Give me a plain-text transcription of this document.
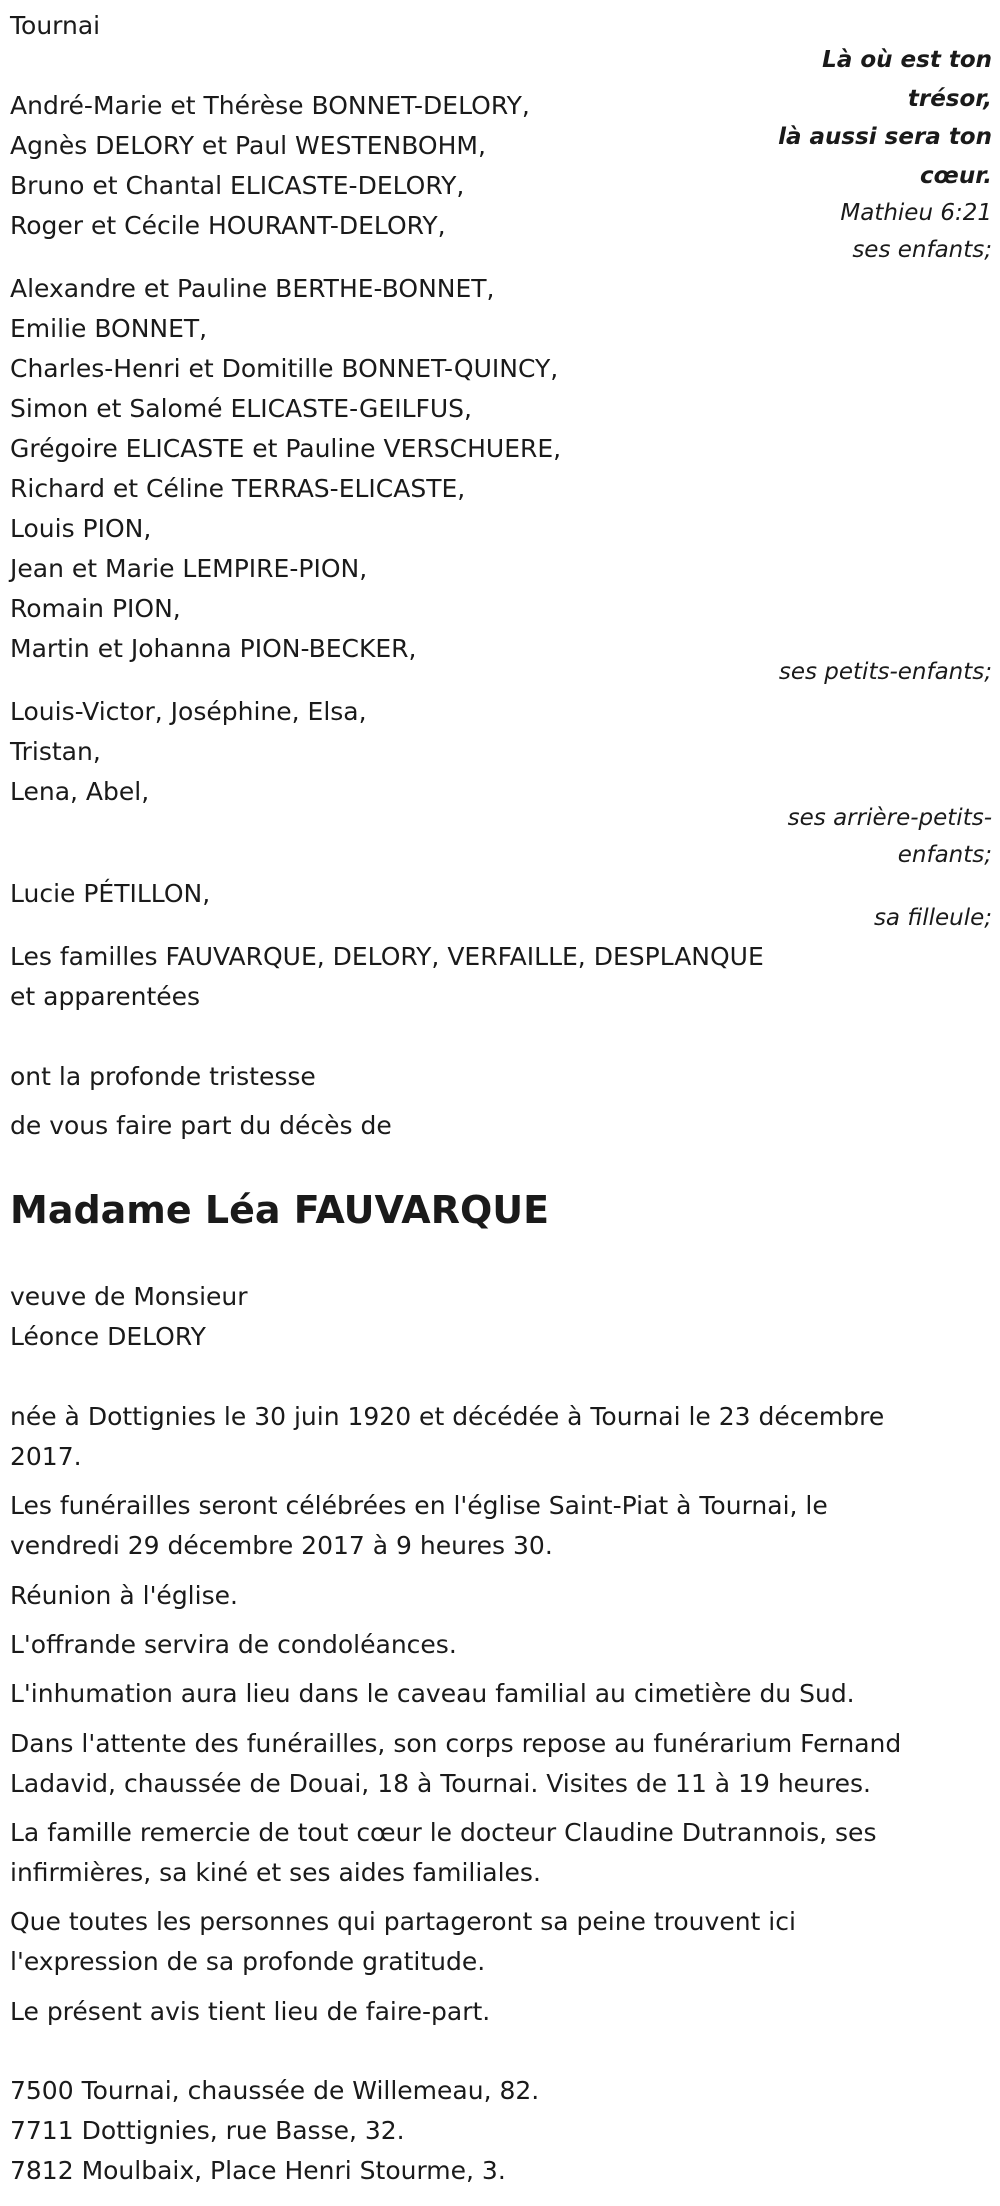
Tournai
Là où est ton
trésor,
là aussi sera ton
cœur.
Mathieu 6:21
André-Marie et Thérèse BONNET-DELORY,
Agnès DELORY et Paul WESTENBOHM,
Bruno et Chantal ELICASTE-DELORY,
Roger et Cécile HOURANT-DELORY,
ses enfants;
Alexandre et Pauline BERTHE-BONNET,
Emilie BONNET,
Charles-Henri et Domitille BONNET-QUINCY,
Simon et Salomé ELICASTE-GEILFUS,
Grégoire ELICASTE et Pauline VERSCHUERE,
Richard et Céline TERRAS-ELICASTE,
Louis PION,
Jean et Marie LEMPIRE-PION,
Romain PION,
Martin et Johanna PION-BECKER,
ses petits-enfants;
Louis-Victor, Joséphine, Elsa,
Tristan,
Lena, Abel,
ses arrière-petits-
enfants;
Lucie PÉTILLON,
sa filleule;
Les familles FAUVARQUE, DELORY, VERFAILLE, DESPLANQUE
et apparentées
ont la profonde tristesse
de vous faire part du décès de
Madame Léa FAUVARQUE
veuve de Monsieur
Léonce DELORY
née à Dottignies le 30 juin 1920 et décédée à Tournai le 23 décembre
2017.
Les funérailles seront célébrées en l'église Saint-Piat à Tournai, le
vendredi 29 décembre 2017 à 9 heures 30.
Réunion à l'église.
L'offrande servira de condoléances.
L'inhumation aura lieu dans le caveau familial au cimetière du Sud.
Dans l'attente des funérailles, son corps repose au funérarium Fernand
Ladavid, chaussée de Douai, 18 à Tournai. Visites de 11 à 19 heures.
La famille remercie de tout cœur le docteur Claudine Dutrannois, ses
infirmières, sa kiné et ses aides familiales.
Que toutes les personnes qui partageront sa peine trouvent ici
l'expression de sa profonde gratitude.
Le présent avis tient lieu de faire-part.
7500 Tournai, chaussée de Willemeau, 82.
7711 Dottignies, rue Basse, 32.
7812 Moulbaix, Place Henri Stourme, 3.
